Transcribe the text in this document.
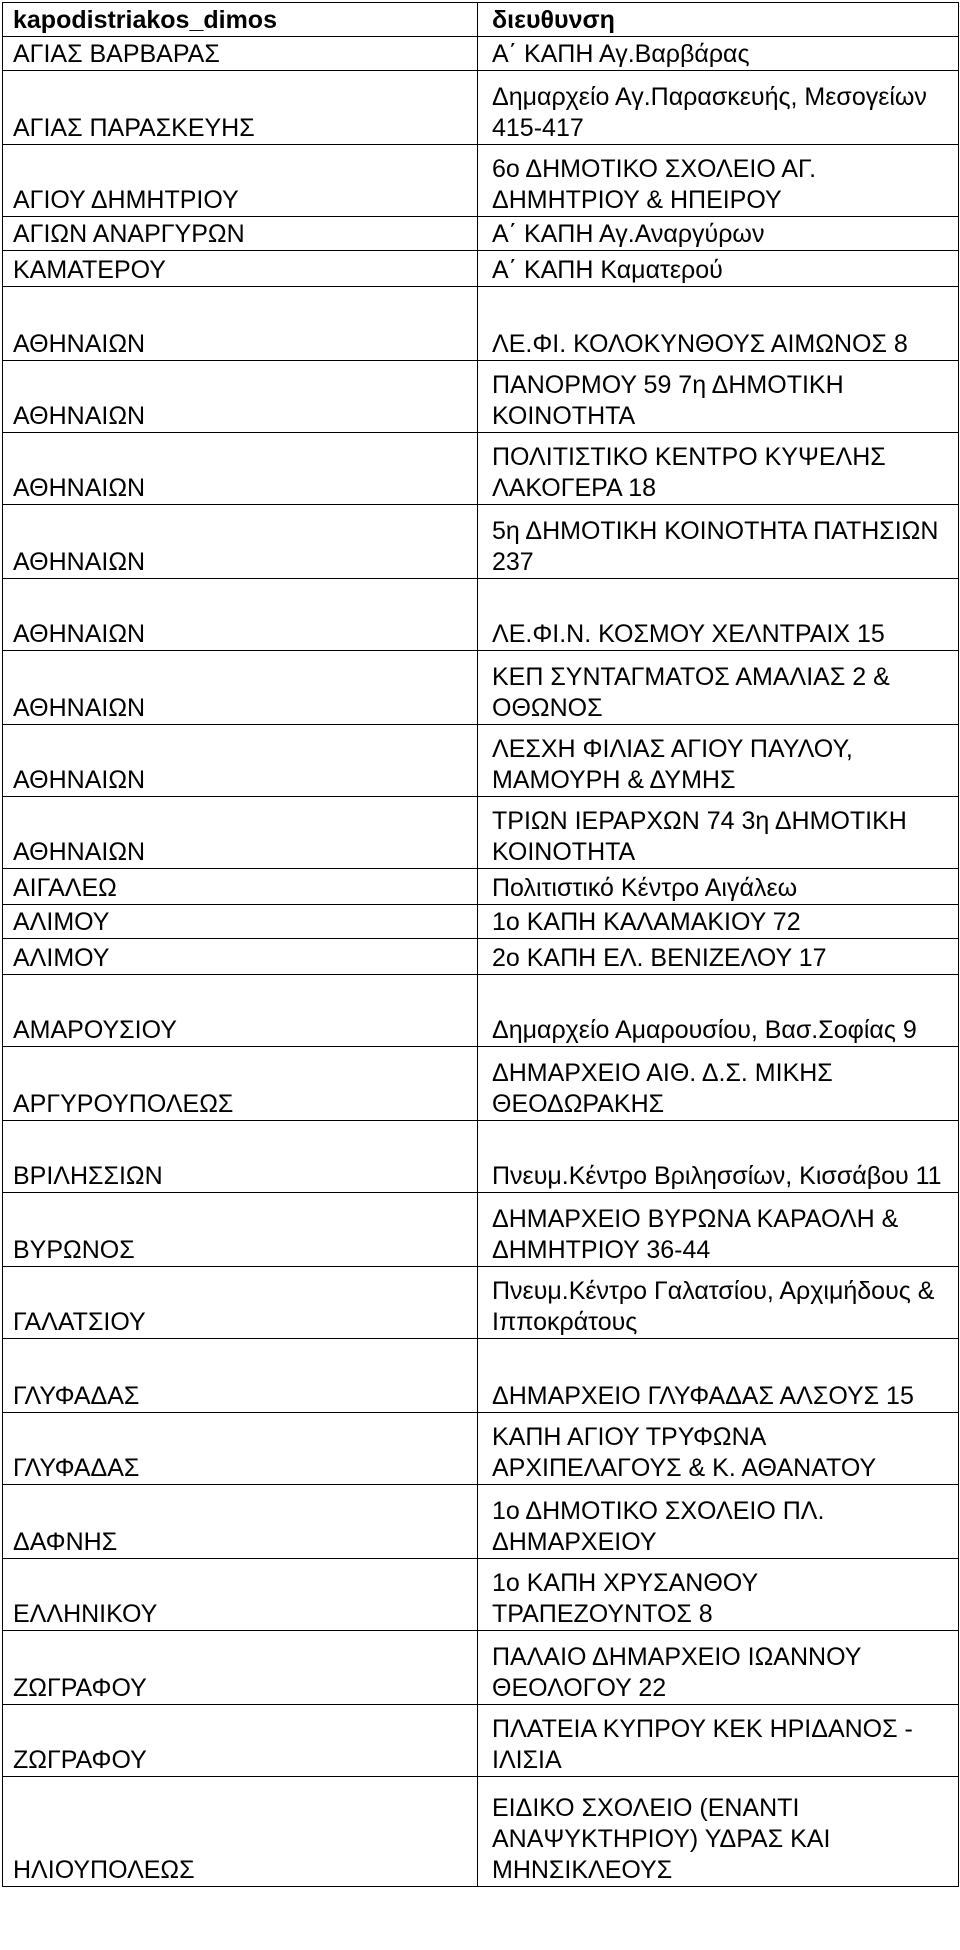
kapodistriakos_dimos	διευθυνση
ΑΓΙΑΣ ΒΑΡΒΑΡΑΣ	Α΄ ΚΑΠΗ Αγ.Βαρβάρας
ΑΓΙΑΣ ΠΑΡΑΣΚΕΥΗΣ	Δημαρχείο Αγ.Παρασκευής, Μεσογείων 415-417
ΑΓΙΟΥ ΔΗΜΗΤΡΙΟΥ	6ο ΔΗΜΟΤΙΚΟ ΣΧΟΛΕΙΟ ΑΓ. ΔΗΜΗΤΡΙΟΥ & ΗΠΕΙΡΟΥ
ΑΓΙΩΝ ΑΝΑΡΓΥΡΩΝ	Α΄ ΚΑΠΗ Αγ.Αναργύρων
ΚΑΜΑΤΕΡΟΥ	Α΄ ΚΑΠΗ Καματερού
ΑΘΗΝΑΙΩΝ	ΛΕ.ΦΙ. ΚΟΛΟΚΥΝΘΟΥΣ ΑΙΜΩΝΟΣ 8
ΑΘΗΝΑΙΩΝ	ΠΑΝΟΡΜΟΥ 59 7η ΔΗΜΟΤΙΚΗ ΚΟΙΝΟΤΗΤΑ
ΑΘΗΝΑΙΩΝ	ΠΟΛΙΤΙΣΤΙΚΟ ΚΕΝΤΡΟ ΚΥΨΕΛΗΣ ΛΑΚΟΓΕΡΑ 18
ΑΘΗΝΑΙΩΝ	5η ΔΗΜΟΤΙΚΗ ΚΟΙΝΟΤΗΤΑ ΠΑΤΗΣΙΩΝ 237
ΑΘΗΝΑΙΩΝ	ΛΕ.ΦΙ.Ν. ΚΟΣΜΟΥ ΧΕΛΝΤΡΑΙΧ 15
ΑΘΗΝΑΙΩΝ	ΚΕΠ ΣΥΝΤΑΓΜΑΤΟΣ ΑΜΑΛΙΑΣ 2 & ΟΘΩΝΟΣ
ΑΘΗΝΑΙΩΝ	ΛΕΣΧΗ ΦΙΛΙΑΣ ΑΓΙΟΥ ΠΑΥΛΟΥ, ΜΑΜΟΥΡΗ & ΔΥΜΗΣ
ΑΘΗΝΑΙΩΝ	ΤΡΙΩΝ ΙΕΡΑΡΧΩΝ 74 3η ΔΗΜΟΤΙΚΗ ΚΟΙΝΟΤΗΤΑ
ΑΙΓΑΛΕΩ	Πολιτιστικό Κέντρο Αιγάλεω
ΑΛΙΜΟΥ	1ο ΚΑΠΗ ΚΑΛΑΜΑΚΙΟΥ 72
ΑΛΙΜΟΥ	2ο ΚΑΠΗ ΕΛ. ΒΕΝΙΖΕΛΟΥ 17
ΑΜΑΡΟΥΣΙΟΥ	Δημαρχείο Αμαρουσίου, Βασ.Σοφίας 9
ΑΡΓΥΡΟΥΠΟΛΕΩΣ	ΔΗΜΑΡΧΕΙΟ ΑΙΘ. Δ.Σ. ΜΙΚΗΣ ΘΕΟΔΩΡΑΚΗΣ
ΒΡΙΛΗΣΣΙΩΝ	Πνευμ.Κέντρο Βριλησσίων, Κισσάβου 11
ΒΥΡΩΝΟΣ	ΔΗΜΑΡΧΕΙΟ ΒΥΡΩΝΑ ΚΑΡΑΟΛΗ & ΔΗΜΗΤΡΙΟΥ 36-44
ΓΑΛΑΤΣΙΟΥ	Πνευμ.Κέντρο Γαλατσίου, Αρχιμήδους & Ιπποκράτους
ΓΛΥΦΑΔΑΣ	ΔΗΜΑΡΧΕΙΟ ΓΛΥΦΑΔΑΣ ΑΛΣΟΥΣ 15
ΓΛΥΦΑΔΑΣ	ΚΑΠΗ ΑΓΙΟΥ ΤΡΥΦΩΝΑ ΑΡΧΙΠΕΛΑΓΟΥΣ & Κ. ΑΘΑΝΑΤΟΥ
ΔΑΦΝΗΣ	1ο ΔΗΜΟΤΙΚΟ ΣΧΟΛΕΙΟ ΠΛ. ΔΗΜΑΡΧΕΙΟΥ
ΕΛΛΗΝΙΚΟΥ	1ο ΚΑΠΗ ΧΡΥΣΑΝΘΟΥ ΤΡΑΠΕΖΟΥΝΤΟΣ 8
ΖΩΓΡΑΦΟΥ	ΠΑΛΑΙΟ ΔΗΜΑΡΧΕΙΟ ΙΩΑΝΝΟΥ ΘΕΟΛΟΓΟΥ 22
ΖΩΓΡΑΦΟΥ	ΠΛΑΤΕΙΑ ΚΥΠΡΟΥ ΚΕΚ ΗΡΙΔΑΝΟΣ - ΙΛΙΣΙΑ
ΗΛΙΟΥΠΟΛΕΩΣ	ΕΙΔΙΚΟ ΣΧΟΛΕΙΟ (ΕΝΑΝΤΙ ΑΝΑΨΥΚΤΗΡΙΟΥ) ΥΔΡΑΣ ΚΑΙ ΜΗΝΣΙΚΛΕΟΥΣ
